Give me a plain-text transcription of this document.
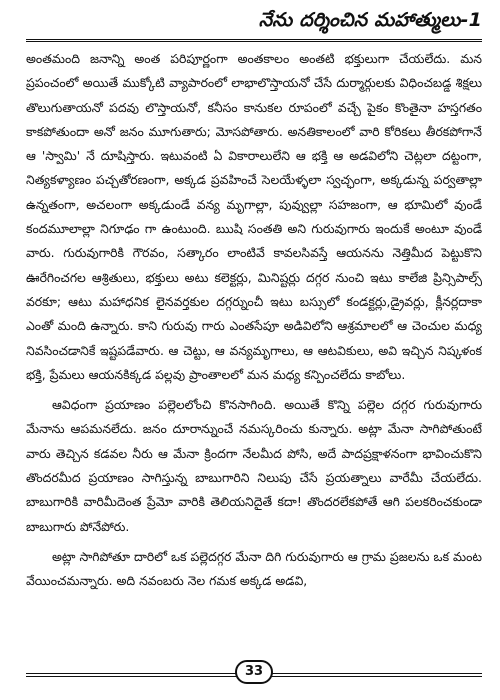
నేను దర్శించిన మహాత్ములు-1

అంతమంది జనాన్ని అంత పరిపూర్ణంగా అంతకాలం అంతటి భక్తులుగా చేయలేదు. మన ప్రపంచంలో అయితే ముక్కోటి వ్యాపారంలో లాభాలొస్తాయనో చేసే దుర్మార్గులకు విధించబడ్డ శిక్షలు తొలుగుతాయనో పదవు లొస్తాయనో, కనీసం కానుకల రూపంలో వచ్చే పైకం కొంతైనా హస్తగతం కాకపోతుందా అనో జనం మూగుతారు; మోసపోతారు. అనతికాలంలో వారి కోరికలు తీరకపోగానే ఆ 'స్వామి' నే దూషిస్తారు. ఇటువంటి ఏ వికారాలులేని ఆ భక్తి ఆ అడవిలోని చెట్లలా దట్టంగా, నిత్యకళ్యాణం పచ్చతోరణంగా, అక్కడ ప్రవహించే సెలయేళ్ళలా స్వచ్ఛంగా, అక్కడున్న పర్వతాల్లా ఉన్నతంగా, అచలంగా అక్కడుండే వన్య మృగాల్లా, పువ్వుల్లా సహజంగా, ఆ భూమిలో వుండే కందమూలాల్లా నిగూఢం గా ఉంటుంది. ఋషి సంతతి అని గురువుగారు ఇందుకే అంటూ వుండే వారు. గురువుగారికి గౌరవం, సత్కారం లాంటివే కావలసివస్తే ఆయనను నెత్తిమీద పెట్టుకొని ఊరేగించగల ఆశ్రితులు, భక్తులు అటు కలెక్టర్లు, మినిష్టర్లు దగ్గర నుంచి ఇటు కాలేజి ప్రిన్సిపాల్స్ వరకూ; ఆటు మహాధనిక లైనవర్తకుల దగ్గర్నుంచీ ఇటు బస్సులో కండక్టర్లు,డ్రైవర్లు, క్లీనర్లదాకా ఎంతో మంది ఉన్నారు. కాని గురువు గారు ఎంతసేపూ అడివిలోని ఆశ్రమాలలో ఆ చెంచుల మధ్య నివసించడానికే ఇష్టపడేవారు. ఆ చెట్టు, ఆ వన్యమృగాలు, ఆ ఆటవికులు, అవి ఇచ్చిన నిష్కళంక భక్తి, ప్రేమలు ఆయనకిక్కడ పల్లవు ప్రాంతాలలో మన మధ్య కన్పించలేదు కాబోలు.

ఆవిధంగా ప్రయాణం పల్లెలలోంచి కొనసాగింది. అయితే కొన్ని పల్లెల దగ్గర గురువుగారు మేనాను ఆపమనలేదు. జనం దూరాన్నుంచే నమస్కరించు కున్నారు. అట్లా మేనా సాగిపోతుంటే వారు తెచ్చిన కడవల నీరు ఆ మేనా క్రిందగా నేలమీద పోసి, అదే పాదప్రక్షాళనంగా భావించుకొని తొందరమీద ప్రయాణం సాగిస్తున్న బాబుగారిని నిలుపు చేసే ప్రయత్నాలు వారేమీ చేయలేదు. బాబుగారికి వారిమీదెంత ప్రేమో వారికి తెలియనిదైతే కదా! తొందరలేకపోతే ఆగి పలకరించకుండా బాబుగారు పోనేపోరు.

అట్లా సాగిపోతూ దారిలో ఒక పల్లెదగ్గర మేనా దిగి గురువుగారు ఆ గ్రామ ప్రజలను ఒక మంట వేయించమన్నారు. అది నవంబరు నెల గమక అక్కడ అడవి,

33
